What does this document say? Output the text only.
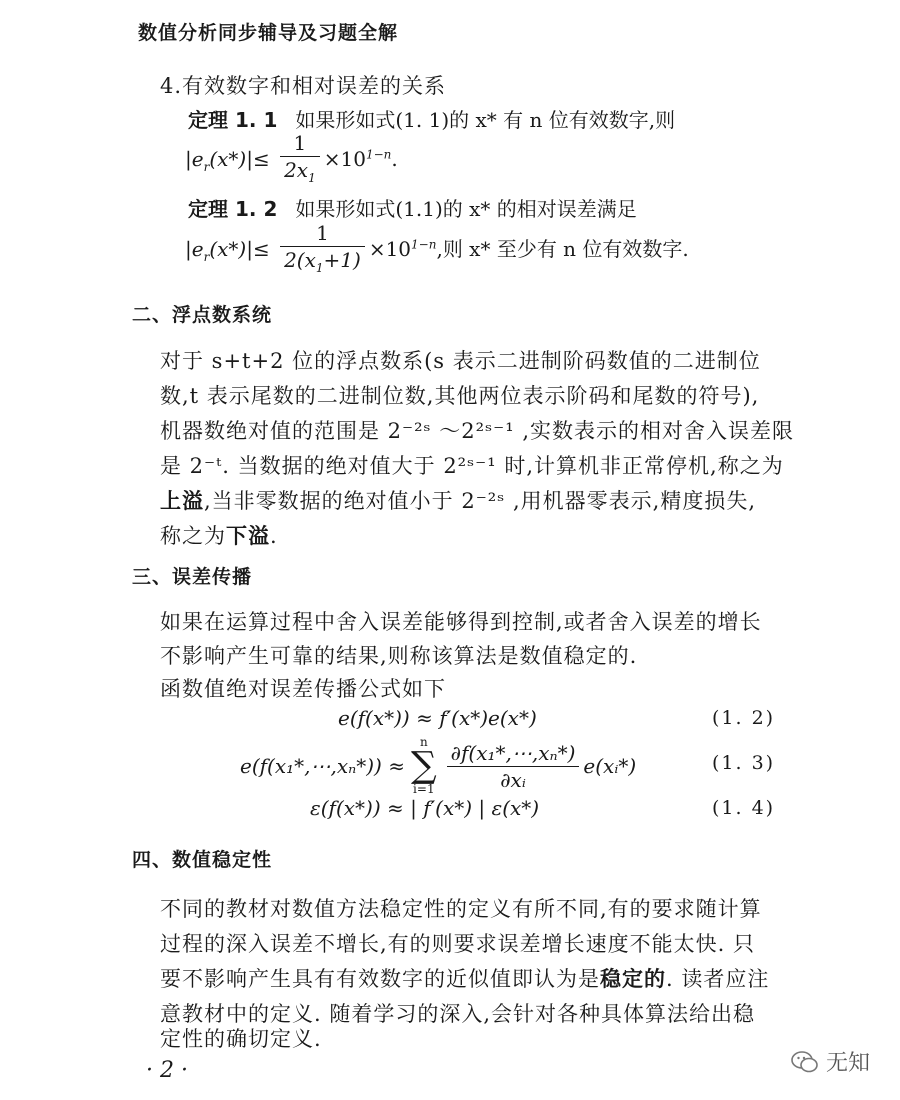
数值分析同步辅导及习题全解
4.有效数字和相对误差的关系
定理 1. 1 如果形如式(1. 1)的 x* 有 n 位有效数字,则
$|e_r(x*)|\le \frac{1}{2x_1} \times 10^{1-n}$.
定理 1. 2 如果形如式(1.1)的 x* 的相对误差满足
$|e_r(x*)|\le \frac{1}{2(x_1+1)} \times 10^{1-n}$,则 x* 至少有 n 位有效数字.
二、浮点数系统
对于 s+t+2 位的浮点数系(s 表示二进制阶码数值的二进制位
数,t 表示尾数的二进制位数,其他两位表示阶码和尾数的符号),
机器数绝对值的范围是 2⁻²ˢ ～2²ˢ⁻¹ ,实数表示的相对舍入误差限
是 2⁻ᵗ. 当数据的绝对值大于 2²ˢ⁻¹ 时,计算机非正常停机,称之为
上溢,当非零数据的绝对值小于 2⁻²ˢ ,用机器零表示,精度损失,
称之为下溢.
三、误差传播
如果在运算过程中舍入误差能够得到控制,或者舍入误差的增长
不影响产生可靠的结果,则称该算法是数值稳定的.
函数值绝对误差传播公式如下
e(f(x*)) ≈ f′(x*)e(x*)	(1. 2)
e(f(x₁*,⋯,xₙ*)) ≈
n
∑
$i=1 \frac{\text{∂f(x₁*,⋯,xₙ*)}}{\text{∂xᵢ}}$ e(xᵢ*)	(1. 3)
ε(f(x*)) ≈ | f′(x*) | ε(x*)	(1. 4)
四、数值稳定性
不同的教材对数值方法稳定性的定义有所不同,有的要求随计算
过程的深入误差不增长,有的则要求误差增长速度不能太快. 只
要不影响产生具有有效数字的近似值即认为是稳定的. 读者应注
意教材中的定义. 随着学习的深入,会针对各种具体算法给出稳
定性的确切定义.
· 2 ·	无知
